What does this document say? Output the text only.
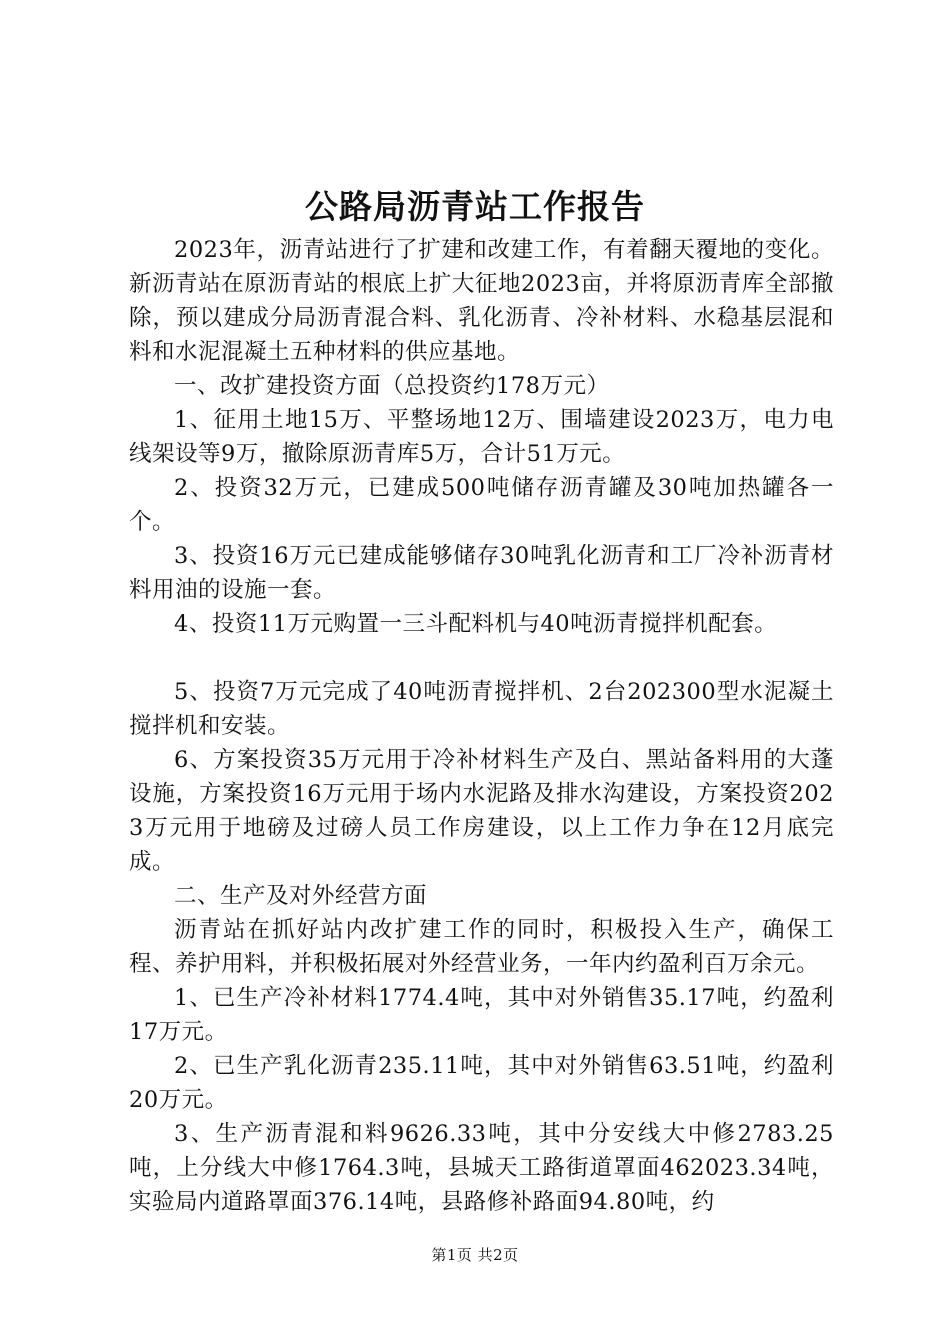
公路局沥青站工作报告

2023年，沥青站进行了扩建和改建工作，有着翻天覆地的变化。新沥青站在原沥青站的根底上扩大征地2023亩，并将原沥青库全部撤除，预以建成分局沥青混合料、乳化沥青、冷补材料、水稳基层混和料和水泥混凝土五种材料的供应基地。

一、改扩建投资方面（总投资约178万元）

1、征用土地15万、平整场地12万、围墙建设2023万，电力电线架设等9万，撤除原沥青库5万，合计51万元。

2、投资32万元，已建成500吨储存沥青罐及30吨加热罐各一个。

3、投资16万元已建成能够储存30吨乳化沥青和工厂冷补沥青材料用油的设施一套。

4、投资11万元购置一三斗配料机与40吨沥青搅拌机配套。

5、投资7万元完成了40吨沥青搅拌机、2台202300型水泥凝土搅拌机和安装。

6、方案投资35万元用于冷补材料生产及白、黑站备料用的大蓬设施，方案投资16万元用于场内水泥路及排水沟建设，方案投资2023万元用于地磅及过磅人员工作房建设，以上工作力争在12月底完成。

二、生产及对外经营方面

沥青站在抓好站内改扩建工作的同时，积极投入生产，确保工程、养护用料，并积极拓展对外经营业务，一年内约盈利百万余元。

1、已生产冷补材料1774.4吨，其中对外销售35.17吨，约盈利17万元。

2、已生产乳化沥青235.11吨，其中对外销售63.51吨，约盈利20万元。

3、生产沥青混和料9626.33吨，其中分安线大中修2783.25吨，上分线大中修1764.3吨，县城天工路街道罩面462023.34吨，实验局内道路罩面376.14吨，县路修补路面94.80吨，约

第1页 共2页
